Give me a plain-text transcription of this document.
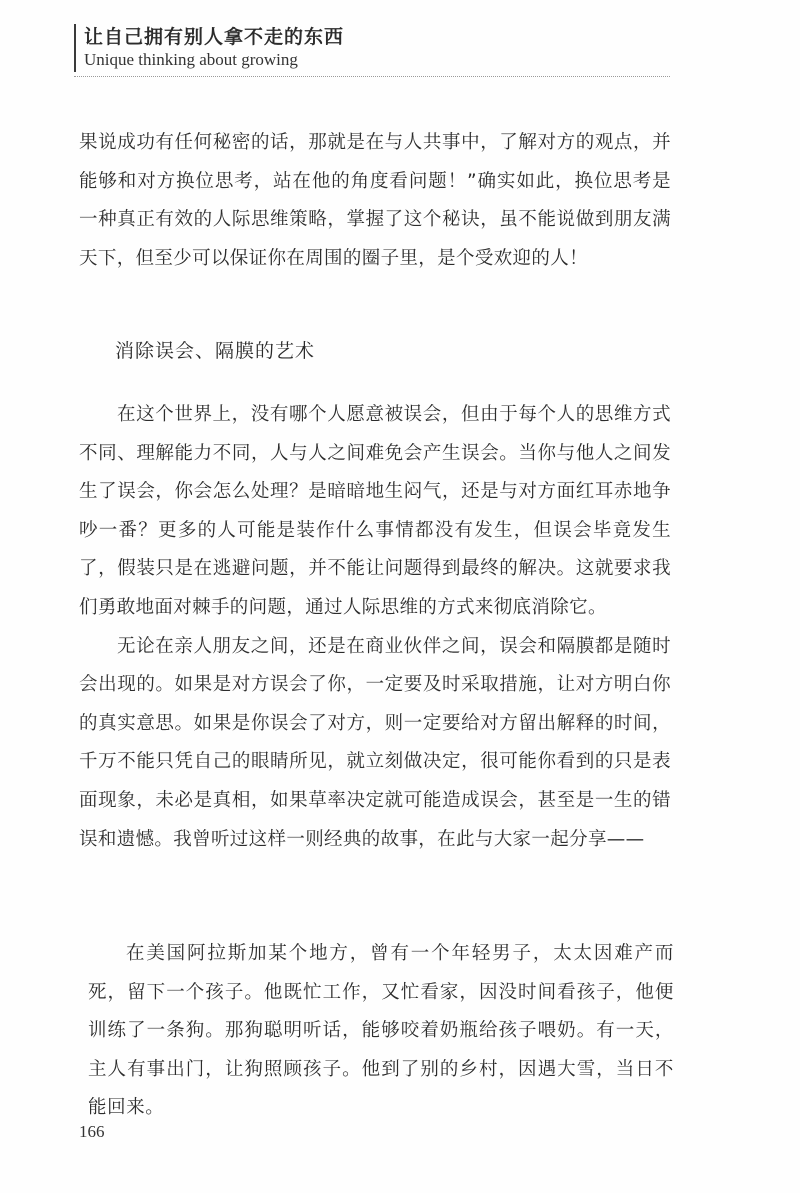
让自己拥有别人拿不走的东西
Unique thinking about growing

果说成功有任何秘密的话，那就是在与人共事中，了解对方的观点，并能够和对方换位思考，站在他的角度看问题！”确实如此，换位思考是一种真正有效的人际思维策略，掌握了这个秘诀，虽不能说做到朋友满天下，但至少可以保证你在周围的圈子里，是个受欢迎的人！

消除误会、隔膜的艺术

在这个世界上，没有哪个人愿意被误会，但由于每个人的思维方式不同、理解能力不同，人与人之间难免会产生误会。当你与他人之间发生了误会，你会怎么处理？是暗暗地生闷气，还是与对方面红耳赤地争吵一番？更多的人可能是装作什么事情都没有发生，但误会毕竟发生了，假装只是在逃避问题，并不能让问题得到最终的解决。这就要求我们勇敢地面对棘手的问题，通过人际思维的方式来彻底消除它。

无论在亲人朋友之间，还是在商业伙伴之间，误会和隔膜都是随时会出现的。如果是对方误会了你，一定要及时采取措施，让对方明白你的真实意思。如果是你误会了对方，则一定要给对方留出解释的时间，千万不能只凭自己的眼睛所见，就立刻做决定，很可能你看到的只是表面现象，未必是真相，如果草率决定就可能造成误会，甚至是一生的错误和遗憾。我曾听过这样一则经典的故事，在此与大家一起分享——

在美国阿拉斯加某个地方，曾有一个年轻男子，太太因难产而死，留下一个孩子。他既忙工作，又忙看家，因没时间看孩子，他便训练了一条狗。那狗聪明听话，能够咬着奶瓶给孩子喂奶。有一天，主人有事出门，让狗照顾孩子。他到了别的乡村，因遇大雪，当日不能回来。

166
